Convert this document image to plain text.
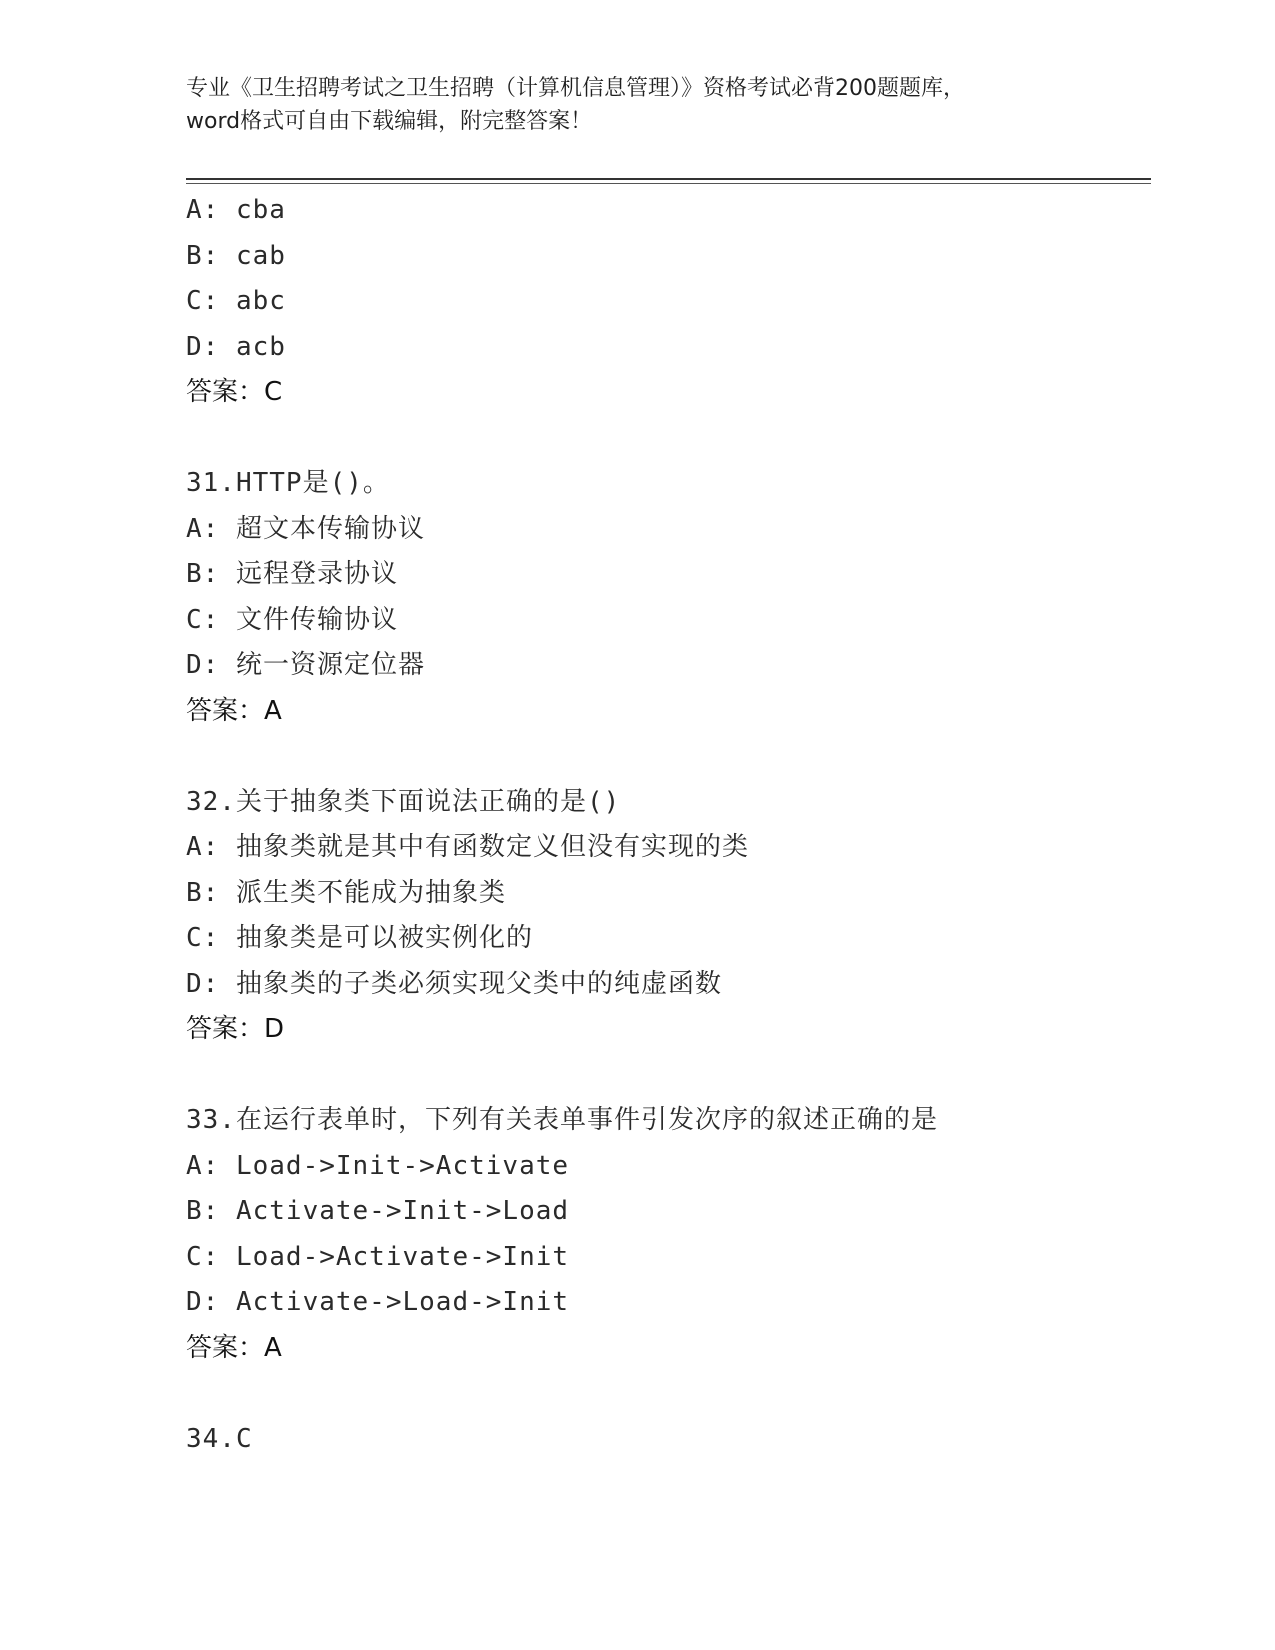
专业《卫生招聘考试之卫生招聘（计算机信息管理）》资格考试必背200题题库，
word格式可自由下载编辑，附完整答案！
A: cba
B: cab
C: abc
D: acb
答案：C
31.HTTP是()。
A: 超文本传输协议
B: 远程登录协议
C: 文件传输协议
D: 统一资源定位器
答案：A
32.关于抽象类下面说法正确的是()
A: 抽象类就是其中有函数定义但没有实现的类
B: 派生类不能成为抽象类
C: 抽象类是可以被实例化的
D: 抽象类的子类必须实现父类中的纯虚函数
答案：D
33.在运行表单时，下列有关表单事件引发次序的叙述正确的是
A: Load->Init->Activate
B: Activate->Init->Load
C: Load->Activate->Init
D: Activate->Load->Init
答案：A
34.C
